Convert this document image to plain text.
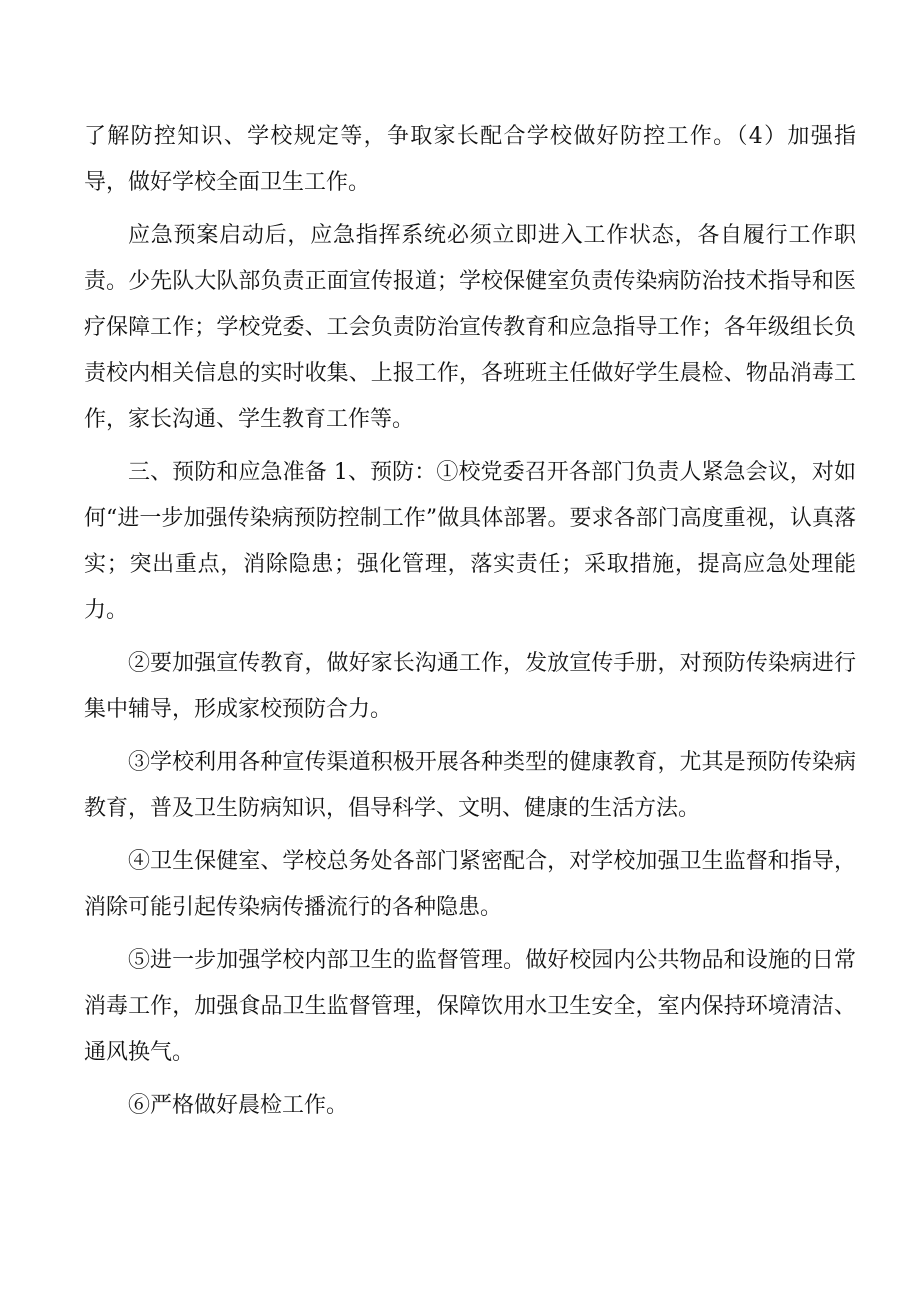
了解防控知识、学校规定等，争取家长配合学校做好防控工作。（4）加强指导，做好学校全面卫生工作。

应急预案启动后，应急指挥系统必须立即进入工作状态，各自履行工作职责。少先队大队部负责正面宣传报道；学校保健室负责传染病防治技术指导和医疗保障工作；学校党委、工会负责防治宣传教育和应急指导工作；各年级组长负责校内相关信息的实时收集、上报工作，各班班主任做好学生晨检、物品消毒工作，家长沟通、学生教育工作等。

三、预防和应急准备 1、预防：①校党委召开各部门负责人紧急会议，对如何“进一步加强传染病预防控制工作”做具体部署。要求各部门高度重视，认真落实；突出重点，消除隐患；强化管理，落实责任；采取措施，提高应急处理能力。

②要加强宣传教育，做好家长沟通工作，发放宣传手册，对预防传染病进行集中辅导，形成家校预防合力。

③学校利用各种宣传渠道积极开展各种类型的健康教育，尤其是预防传染病教育，普及卫生防病知识，倡导科学、文明、健康的生活方法。

④卫生保健室、学校总务处各部门紧密配合，对学校加强卫生监督和指导，消除可能引起传染病传播流行的各种隐患。

⑤进一步加强学校内部卫生的监督管理。做好校园内公共物品和设施的日常消毒工作，加强食品卫生监督管理，保障饮用水卫生安全，室内保持环境清洁、通风换气。

⑥严格做好晨检工作。
